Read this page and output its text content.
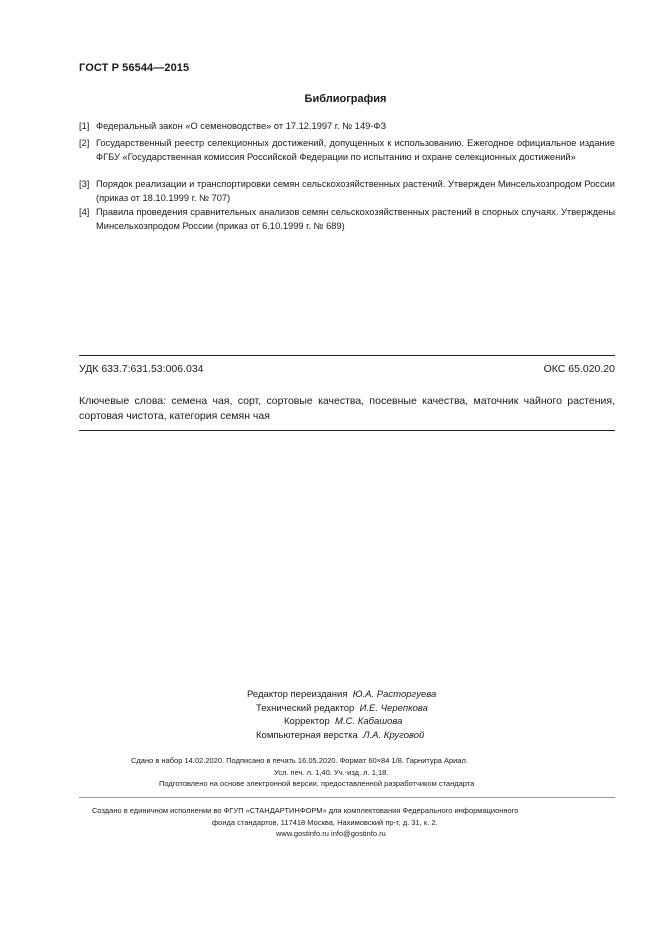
ГОСТ Р 56544—2015
Библиография
[1] Федеральный закон «О семеноводстве» от 17.12.1997 г. № 149-ФЗ
[2] Государственный реестр селекционных достижений, допущенных к использованию. Ежегодное официальное издание ФГБУ «Государственная комиссия Российской Федерации по испытанию и охране селекционных достижений»
[3] Порядок реализации и транспортировки семян сельскохозяйственных растений. Утвержден Минсельхозпродом России (приказ от 18.10.1999 г. № 707)
[4] Правила проведения сравнительных анализов семян сельскохозяйственных растений в спорных случаях. Утверждены Минсельхозпродом России (приказ от 6.10.1999 г. № 689)
УДК 633.7:631.53:006.034	ОКС 65.020.20
Ключевые слова: семена чая, сорт, сортовые качества, посевные качества, маточник чайного растения, сортовая чистота, категория семян чая
Редактор переиздания Ю.А. Расторгуева
Технический редактор И.Е. Черепкова
Корректор М.С. Кабашова
Компьютерная верстка Л.А. Круговой
Сдано в набор 14.02.2020. Подписано в печать 16.05.2020. Формат 60×84 1/8. Гарнитура Ариал.
Усл. печ. л. 1,40. Уч.-изд. л. 1,18.
Подготовлено на основе электронной версии, предоставленной разработчиком стандарта
Создано в единичном исполнении во ФГУП «СТАНДАРТИНФОРМ» для комплектования Федерального информационного
фонда стандартов, 117418 Москва, Нахимовский пр-т, д. 31, к. 2.
www.gostinfo.ru info@gostinfo.ru
